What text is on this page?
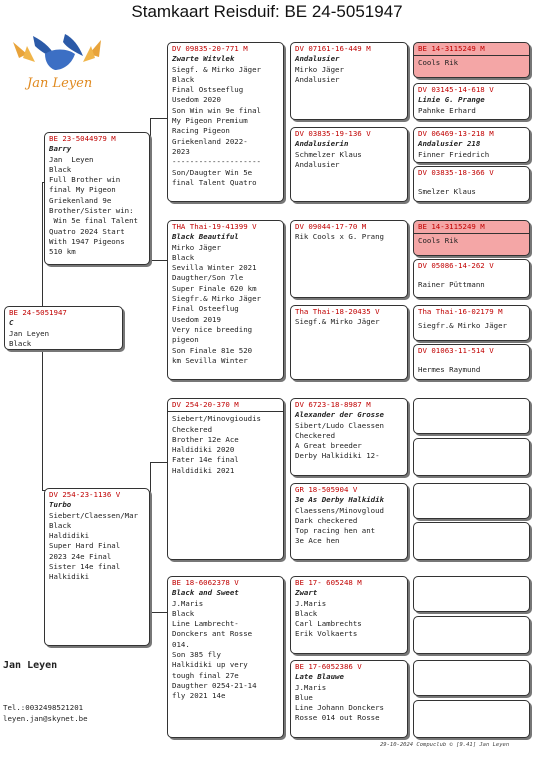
Stamkaart Reisduif: BE 24-5051947
Jan Leyen
BE 24-5051947
C
Jan Leyen
Black
BE 23-5044979 M
Barry
Jan  Leyen
Black
Full Brother win
final My Pigeon
Griekenland 9e
Brother/Sister win:
Win 5e final Talent
Quatro 2024 Start
With 1947 Pigeons
510 km
DV 254-23-1136 V
Turbo
Siebert/Claessen/Mar
Black
Haldidiki
Super Hard Final
2023 24e Final
Sister 14e final
Halkidiki
DV 09835-20-771 M
Zwarte Witvlek
Siegf. & Mirko Jäger
Black
Final Ostseeflug
Usedom 2020
Son Win win 9e final
My Pigeon Premium
Racing Pigeon
Griekenland 2022-
2023
--------------------
Son/Daugter Win 5e
final Talent Quatro
THA Thai-19-41399 V
Black Beautiful
Mirko Jäger
Black
Sevilla Winter 2021
Daugther/Son 7le
Super Finale 620 km
Siegfr.& Mirko Jäger
Final Osteeflug
Usedom 2019
Very nice breeding
pigeon
Son Finale 81e 520
km Sevilla Winter
DV 254-20-370 M
Siebert/Minovgioudis
Checkered
Brother 12e Ace
Haldidiki 2020
Fater 14e final
Haldidiki 2021
BE 18-6062378 V
Black and Sweet
J.Maris
Black
Line Lambrecht-
Donckers ant Rosse
014.
Son 385 fly
Halkidiki up very
tough final 27e
Daugther 0254-21-14
fly 2021 14e
DV 07161-16-449 M
Andalusier
Mirko Jäger
Andalusier
DV 03835-19-136 V
Andalusierin
Schmelzer Klaus
Andalusier
DV 09044-17-70 M
Rik Cools x G. Prang
Tha Thai-18-20435 V
Siegf.& Mirko Jäger
DV 6723-18-8987 M
Alexander der Grosse
Sibert/Ludo Claessen
Checkered
A Great breeder
Derby Halkidiki 12-
GR 18-505904 V
3e As Derby Halkidik
Claessens/Minovgloud
Dark checkered
Top racing hen ant
3e Ace hen
BE 17- 605248 M
Zwart
J.Maris
Black
Carl Lambrechts
Erik Volkaerts
BE 17-6052386 V
Late Blauwe
J.Maris
Blue
Line Johann Donckers
Rosse 014 out Rosse
BE 14-3115249 M
Cools Rik
DV 03145-14-618 V
Linie G. Prange
Pahnke Erhard
DV 06469-13-218 M
Andalusier 218
Finner Friedrich
DV 03835-18-366 V
Smelzer Klaus
BE 14-3115249 M
Cools Rik
DV 05086-14-262 V
Rainer Püttmann
Tha Thai-16-02179 M
Siegfr.& Mirko Jäger
DV 01063-11-514 V
Hermes Raymund
Jan Leyen
Tel.:0032498521201
leyen.jan@skynet.be
29-10-2024 Compuclub © [9.41] Jan Leyen
